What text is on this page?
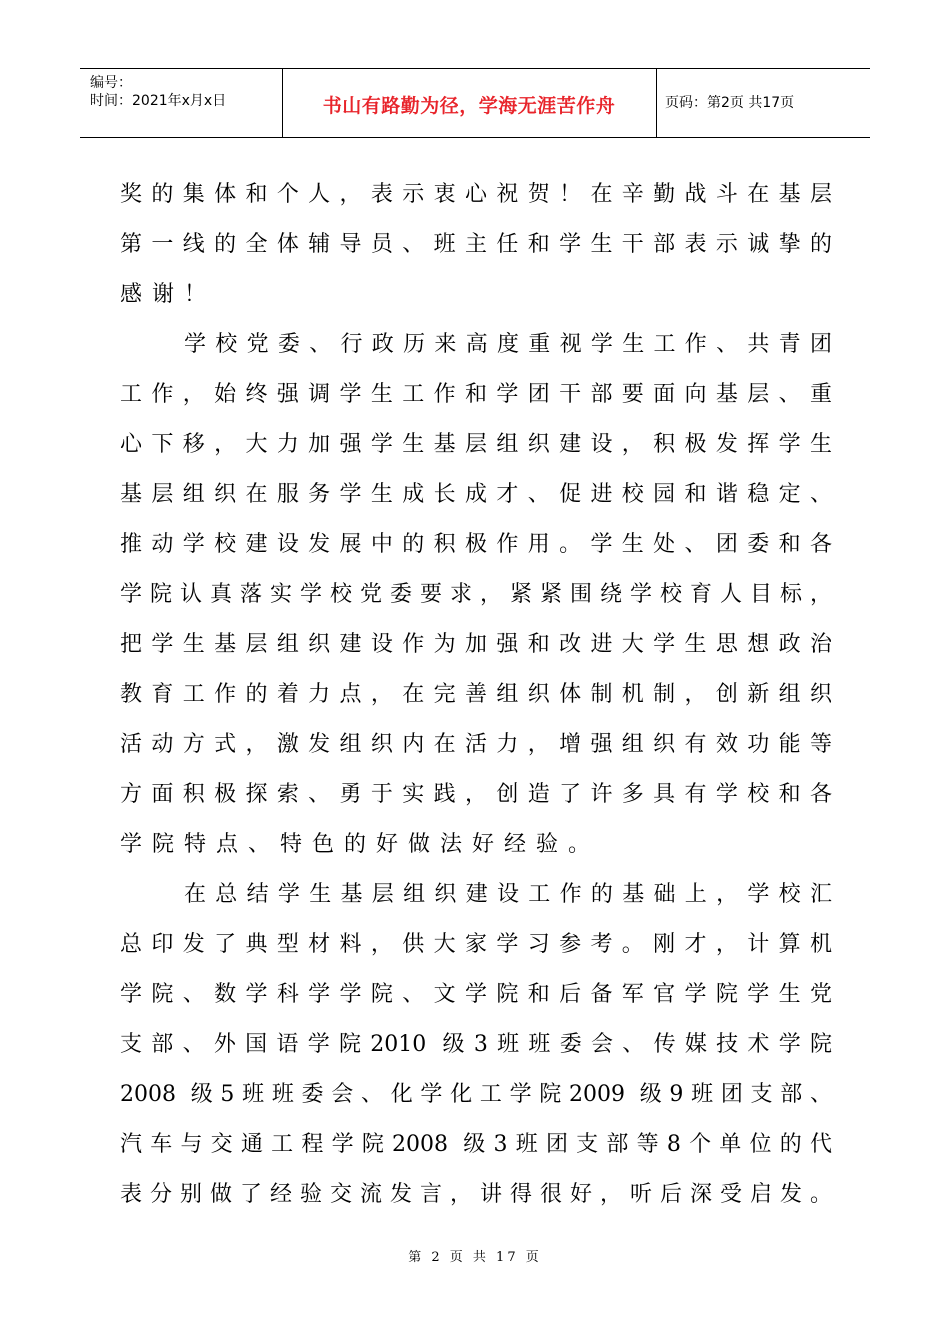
编号：
时间：2021年x月x日	书山有路勤为径，学海无涯苦作舟	页码：第2页 共17页
奖的集体和个人，表示衷心祝贺！在辛勤战斗在基层
第一线的全体辅导员、班主任和学生干部表示诚挚的
感谢！
学校党委、行政历来高度重视学生工作、共青团
工作，始终强调学生工作和学团干部要面向基层、重
心下移，大力加强学生基层组织建设，积极发挥学生
基层组织在服务学生成长成才、促进校园和谐稳定、
推动学校建设发展中的积极作用。学生处、团委和各
学院认真落实学校党委要求，紧紧围绕学校育人目标，
把学生基层组织建设作为加强和改进大学生思想政治
教育工作的着力点，在完善组织体制机制，创新组织
活动方式，激发组织内在活力，增强组织有效功能等
方面积极探索、勇于实践，创造了许多具有学校和各
学院特点、特色的好做法好经验。
在总结学生基层组织建设工作的基础上，学校汇
总印发了典型材料，供大家学习参考。刚才，计算机
学院、数学科学学院、文学院和后备军官学院学生党
支部、外国语学院2010 级3班班委会、传媒技术学院
2008 级5班班委会、化学化工学院2009 级9班团支部、
汽车与交通工程学院2008 级3班团支部等8个单位的代
表分别做了经验交流发言，讲得很好，听后深受启发。
第 2 页 共 17 页
